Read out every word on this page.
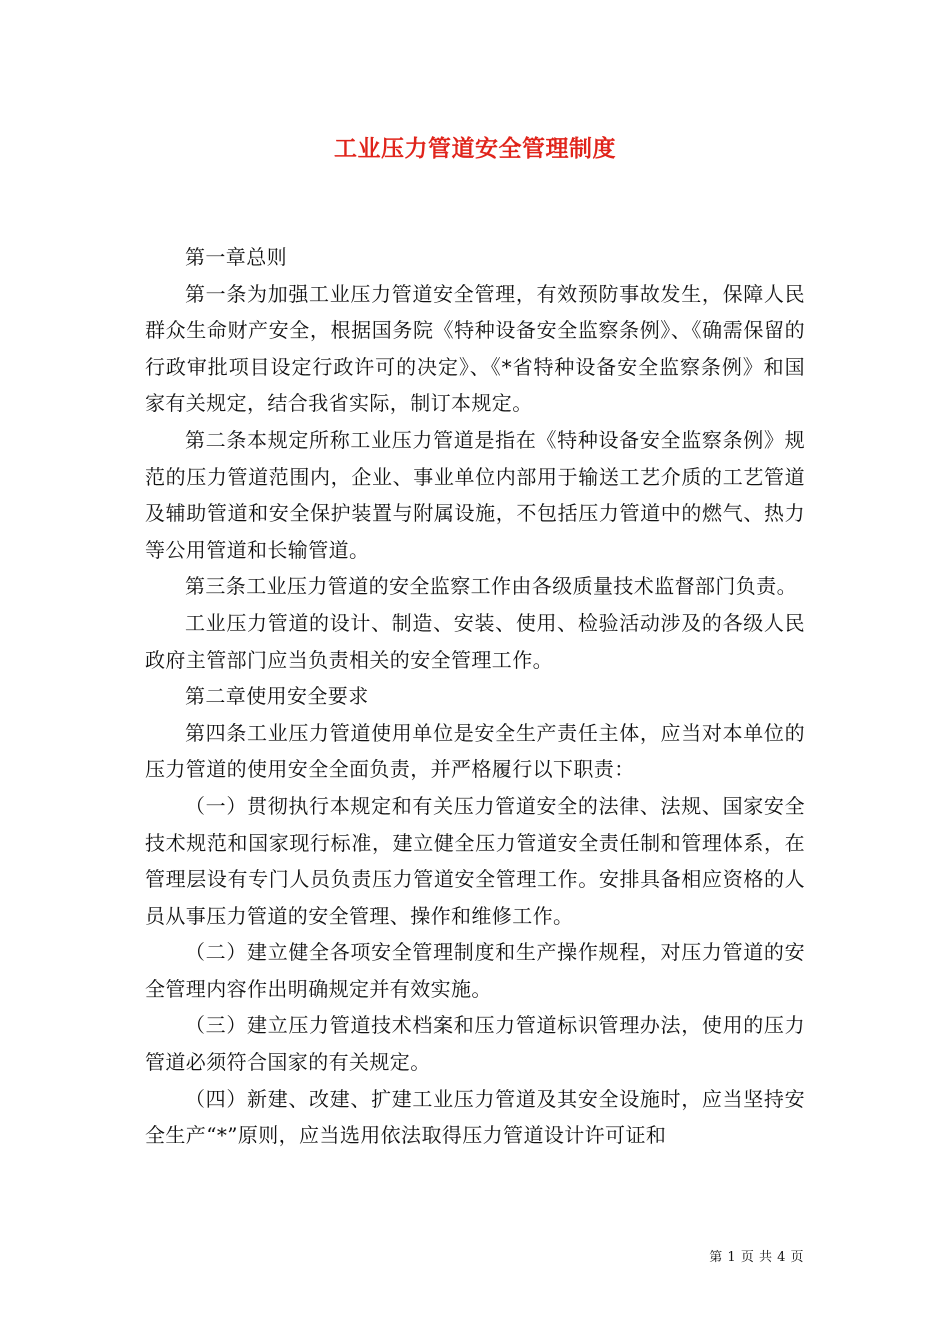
工业压力管道安全管理制度

第一章总则

第一条为加强工业压力管道安全管理，有效预防事故发生，保障人民群众生命财产安全，根据国务院《特种设备安全监察条例》、《确需保留的行政审批项目设定行政许可的决定》、《*省特种设备安全监察条例》和国家有关规定，结合我省实际，制订本规定。

第二条本规定所称工业压力管道是指在《特种设备安全监察条例》规范的压力管道范围内，企业、事业单位内部用于输送工艺介质的工艺管道及辅助管道和安全保护装置与附属设施，不包括压力管道中的燃气、热力等公用管道和长输管道。

第三条工业压力管道的安全监察工作由各级质量技术监督部门负责。

工业压力管道的设计、制造、安装、使用、检验活动涉及的各级人民政府主管部门应当负责相关的安全管理工作。

第二章使用安全要求

第四条工业压力管道使用单位是安全生产责任主体，应当对本单位的压力管道的使用安全全面负责，并严格履行以下职责：

（一）贯彻执行本规定和有关压力管道安全的法律、法规、国家安全技术规范和国家现行标准，建立健全压力管道安全责任制和管理体系，在管理层设有专门人员负责压力管道安全管理工作。安排具备相应资格的人员从事压力管道的安全管理、操作和维修工作。

（二）建立健全各项安全管理制度和生产操作规程，对压力管道的安全管理内容作出明确规定并有效实施。

（三）建立压力管道技术档案和压力管道标识管理办法，使用的压力管道必须符合国家的有关规定。

（四）新建、改建、扩建工业压力管道及其安全设施时，应当坚持安全生产“*”原则，应当选用依法取得压力管道设计许可证和

第 1 页 共 4 页
